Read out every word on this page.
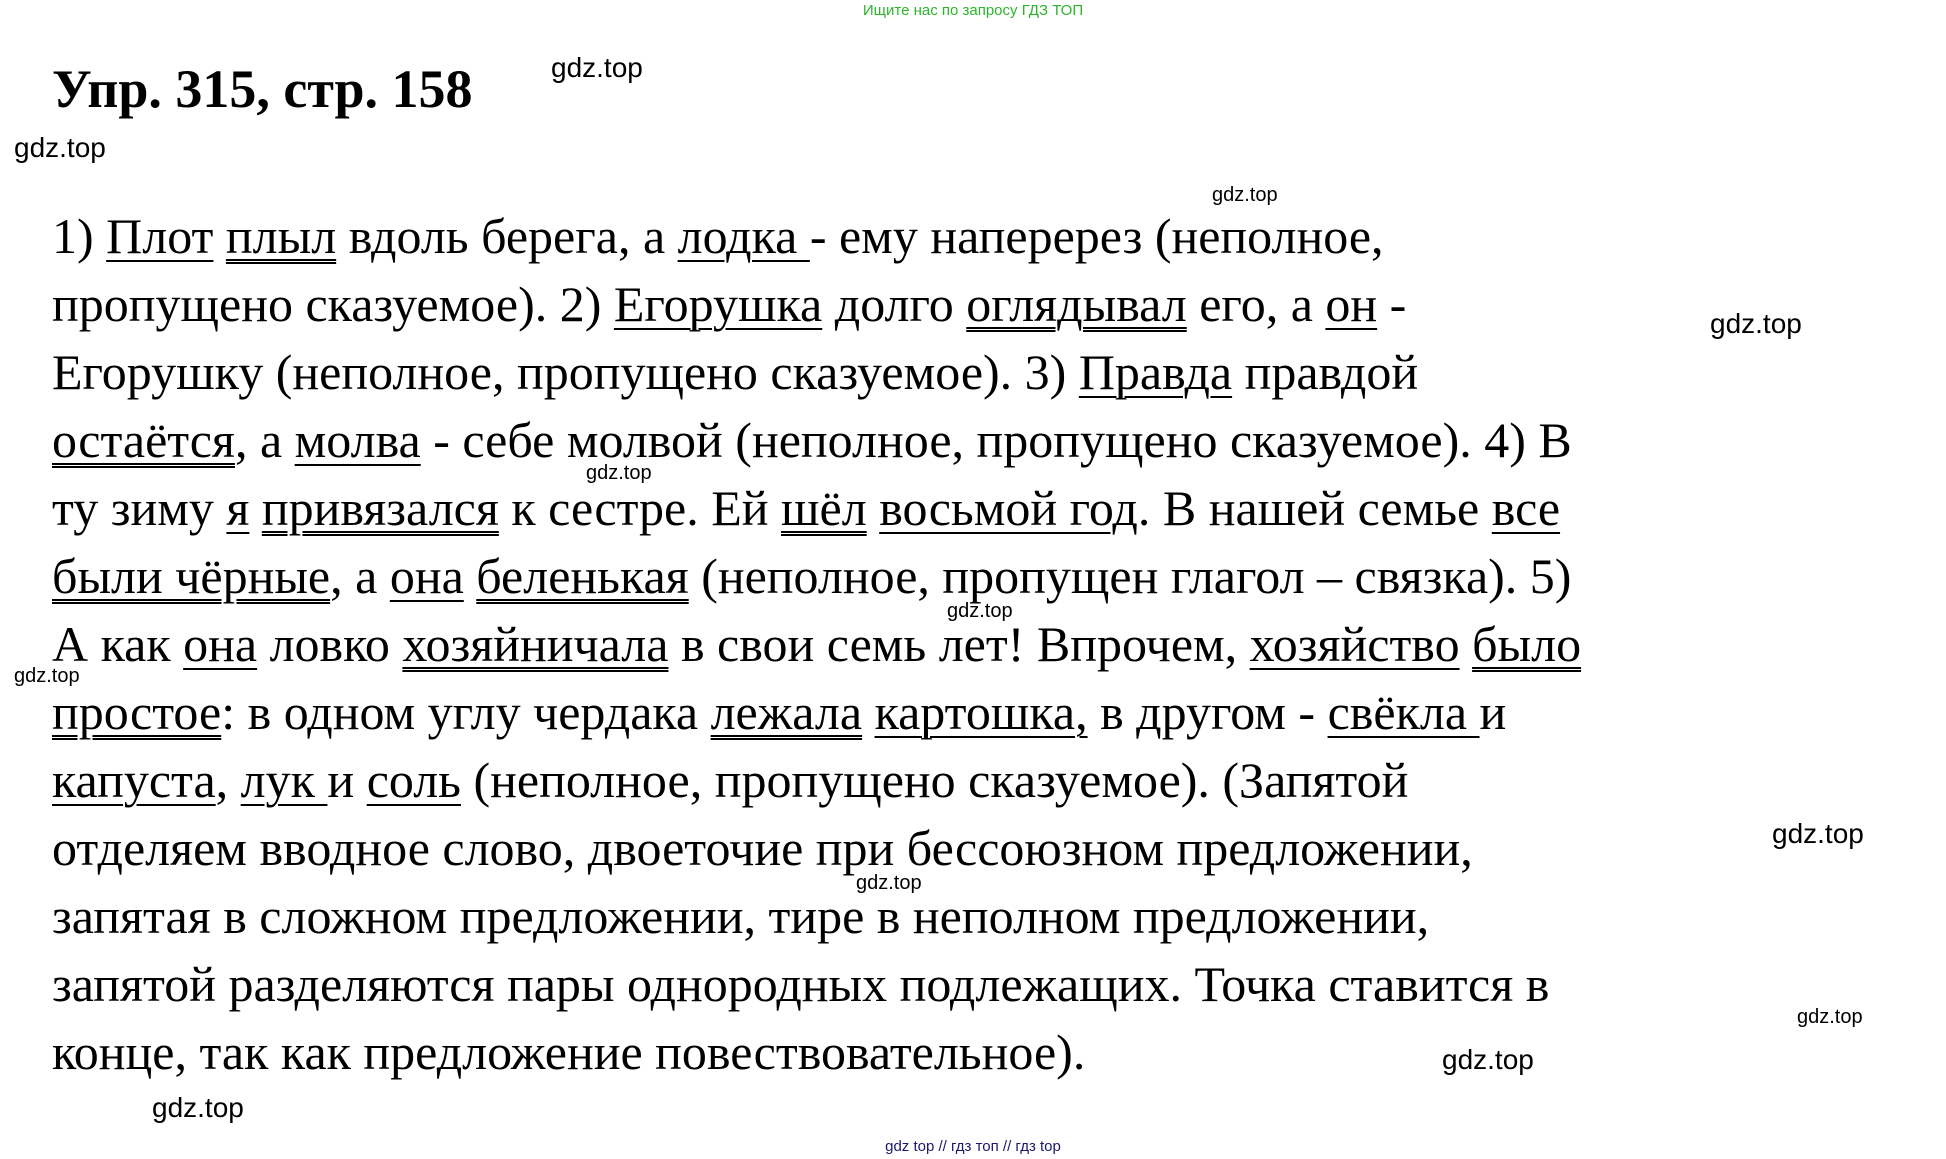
Ищите нас по запросу ГДЗ ТОП
Упр. 315, стр. 158	gdz.top
gdz.top
gdz.top
gdz.top
gdz.top
gdz.top
gdz.top
gdz.top
gdz.top
gdz.top
gdz.top
gdz.top
1) Плот плыл вдоль берега, а лодка - ему наперерез (неполное,
пропущено сказуемое). 2) Егорушка долго оглядывал его, а он -
Егорушку (неполное, пропущено сказуемое). 3) Правда правдой
остаётся, а молва - себе молвой (неполное, пропущено сказуемое). 4) В
ту зиму я привязался к сестре. Ей шёл восьмой год. В нашей семье все
были чёрные, а она беленькая (неполное, пропущен глагол – связка). 5)
А как она ловко хозяйничала в свои семь лет! Впрочем, хозяйство было
простое: в одном углу чердака лежала картошка, в другом - свёкла и
капуста, лук и соль (неполное, пропущено сказуемое). (Запятой
отделяем вводное слово, двоеточие при бессоюзном предложении,
запятая в сложном предложении, тире в неполном предложении,
запятой разделяются пары однородных подлежащих. Точка ставится в
конце, так как предложение повествовательное).
gdz top // гдз топ // гдз top
